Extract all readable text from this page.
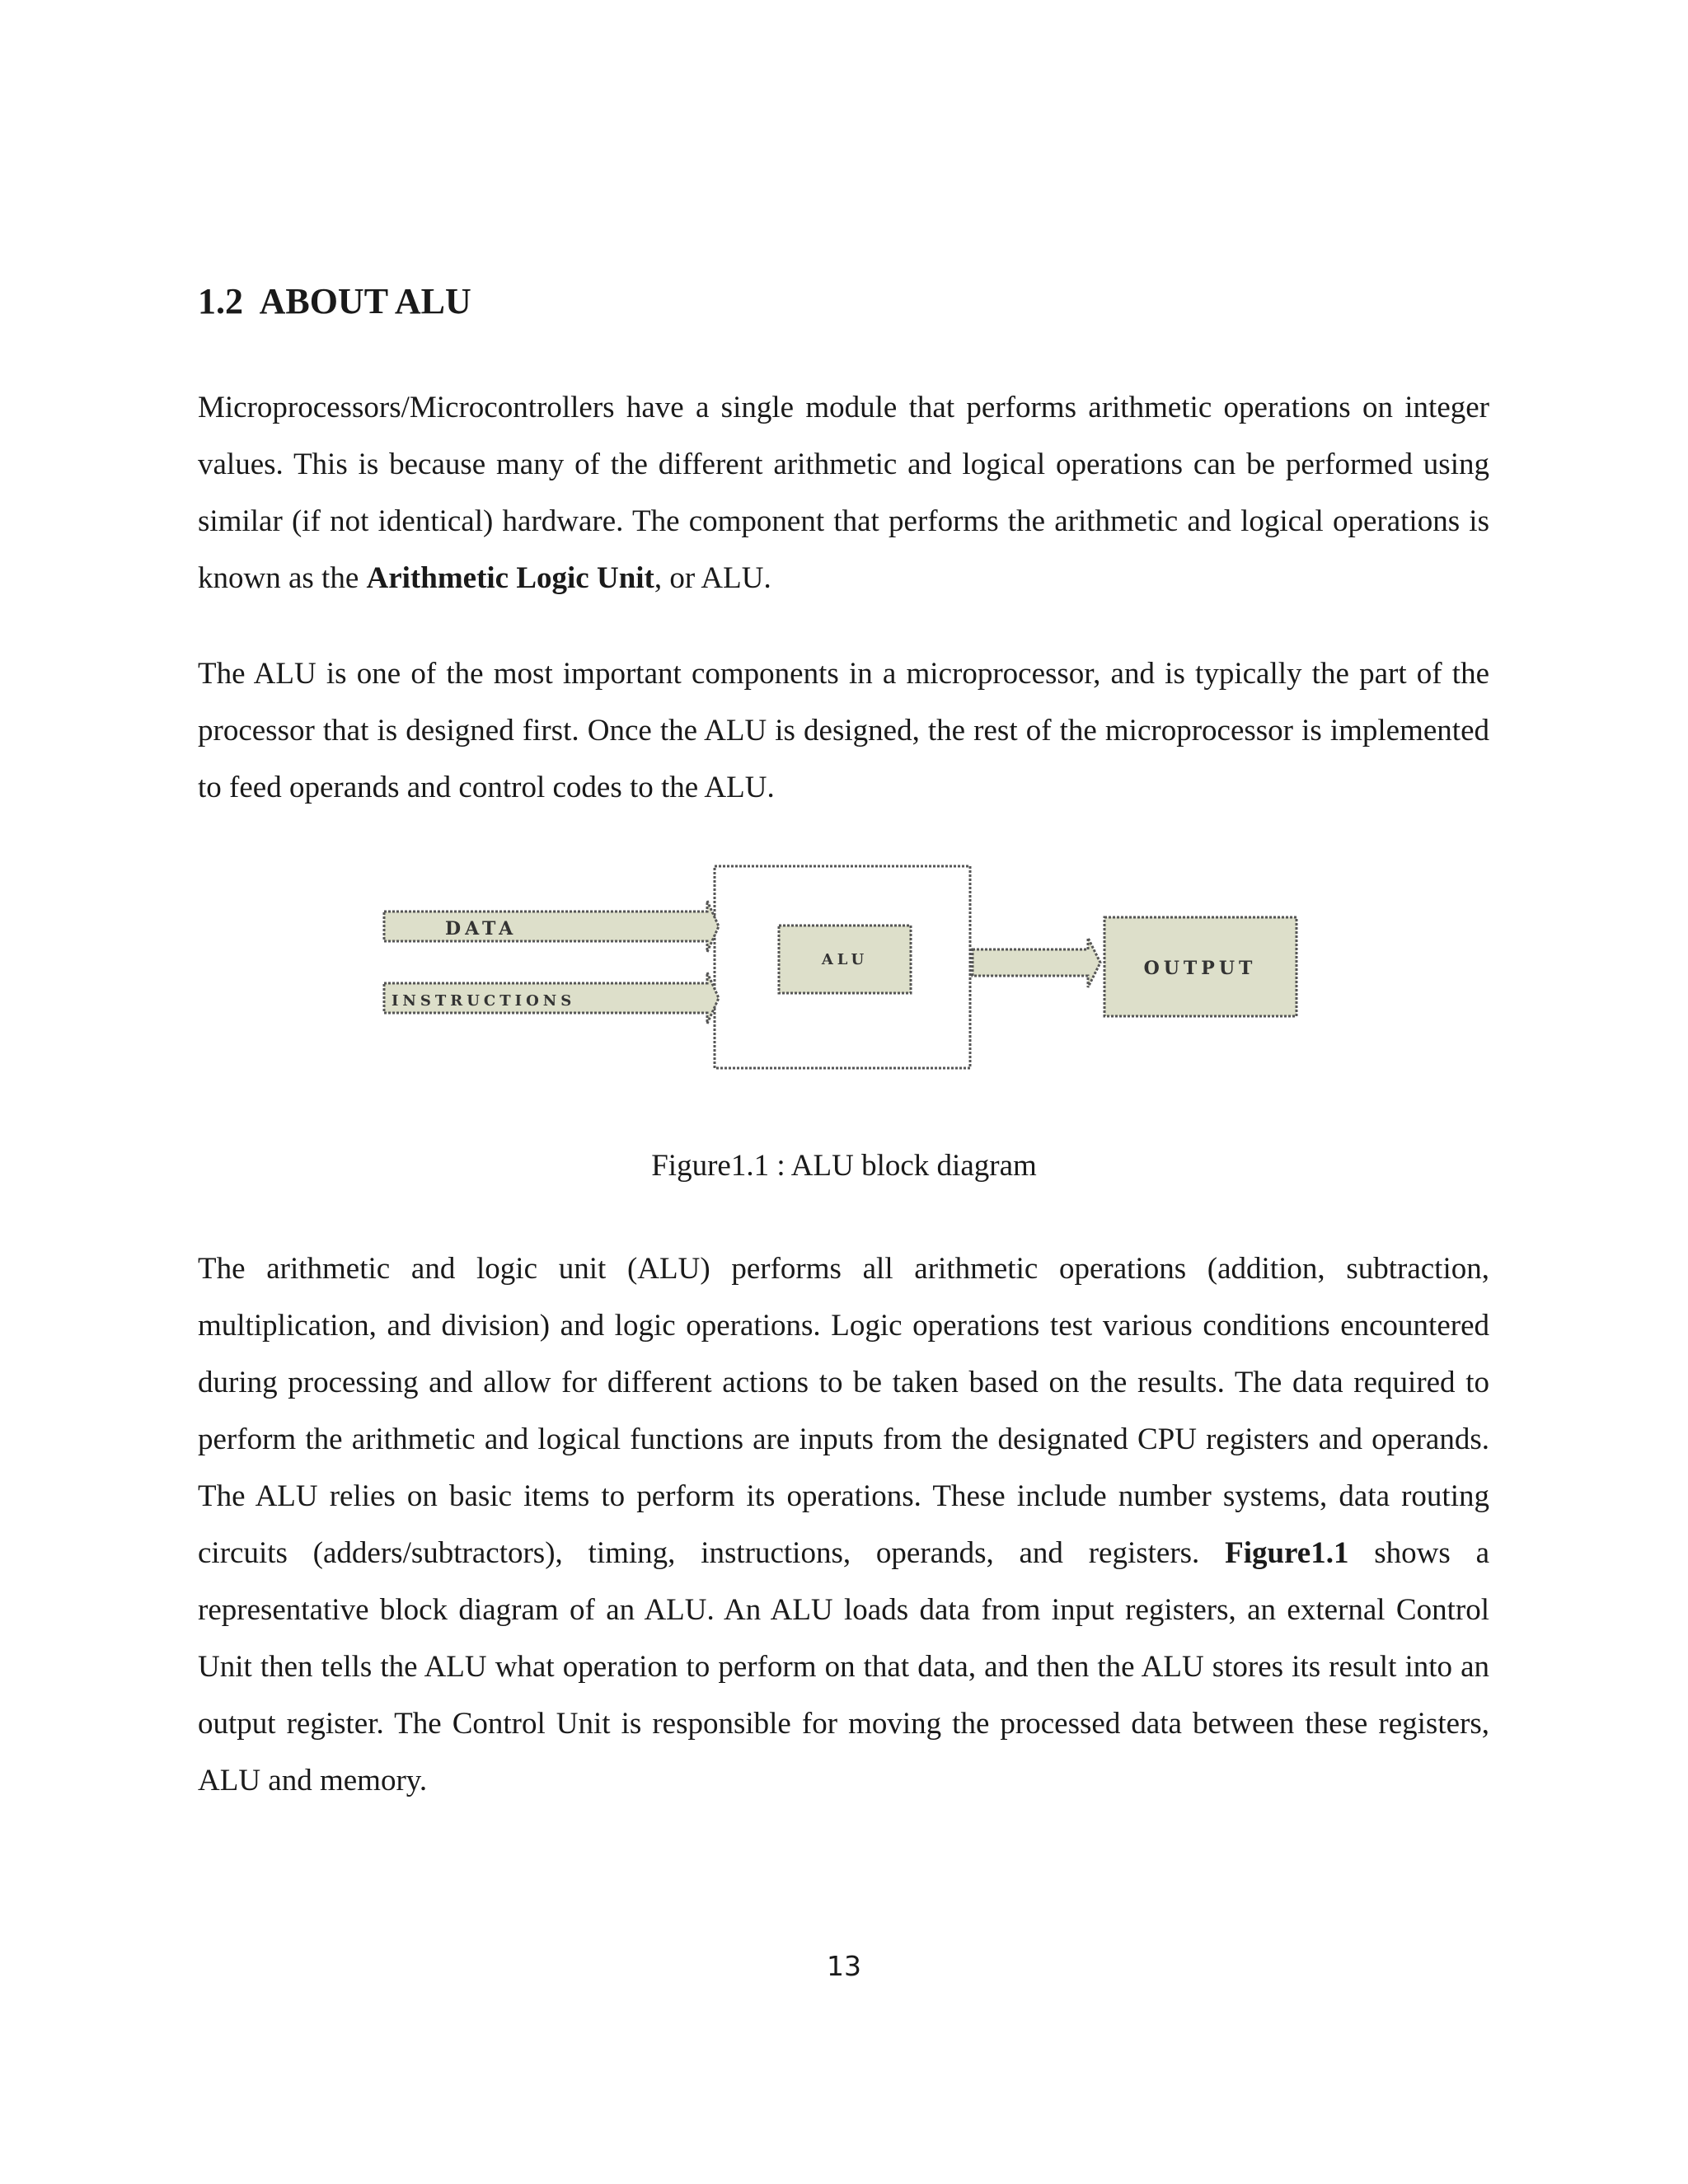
1.2 ABOUT ALU

Microprocessors/Microcontrollers have a single module that performs arithmetic operations on integer values. This is because many of the different arithmetic and logical operations can be performed using similar (if not identical) hardware. The component that performs the arithmetic and logical operations is known as the Arithmetic Logic Unit, or ALU.

The ALU is one of the most important components in a microprocessor, and is typically the part of the processor that is designed first. Once the ALU is designed, the rest of the microprocessor is implemented to feed operands and control codes to the ALU.

DATA
INSTRUCTIONS
ALU	OUTPUT

Figure1.1 : ALU block diagram

The arithmetic and logic unit (ALU) performs all arithmetic operations (addition, subtraction, multiplication, and division) and logic operations. Logic operations test various conditions encountered during processing and allow for different actions to be taken based on the results. The data required to perform the arithmetic and logical functions are inputs from the designated CPU registers and operands. The ALU relies on basic items to perform its operations. These include number systems, data routing circuits (adders/subtractors), timing, instructions, operands, and registers. Figure1.1 shows a representative block diagram of an ALU. An ALU loads data from input registers, an external Control Unit then tells the ALU what operation to perform on that data, and then the ALU stores its result into an output register. The Control Unit is responsible for moving the processed data between these registers, ALU and memory.

13
